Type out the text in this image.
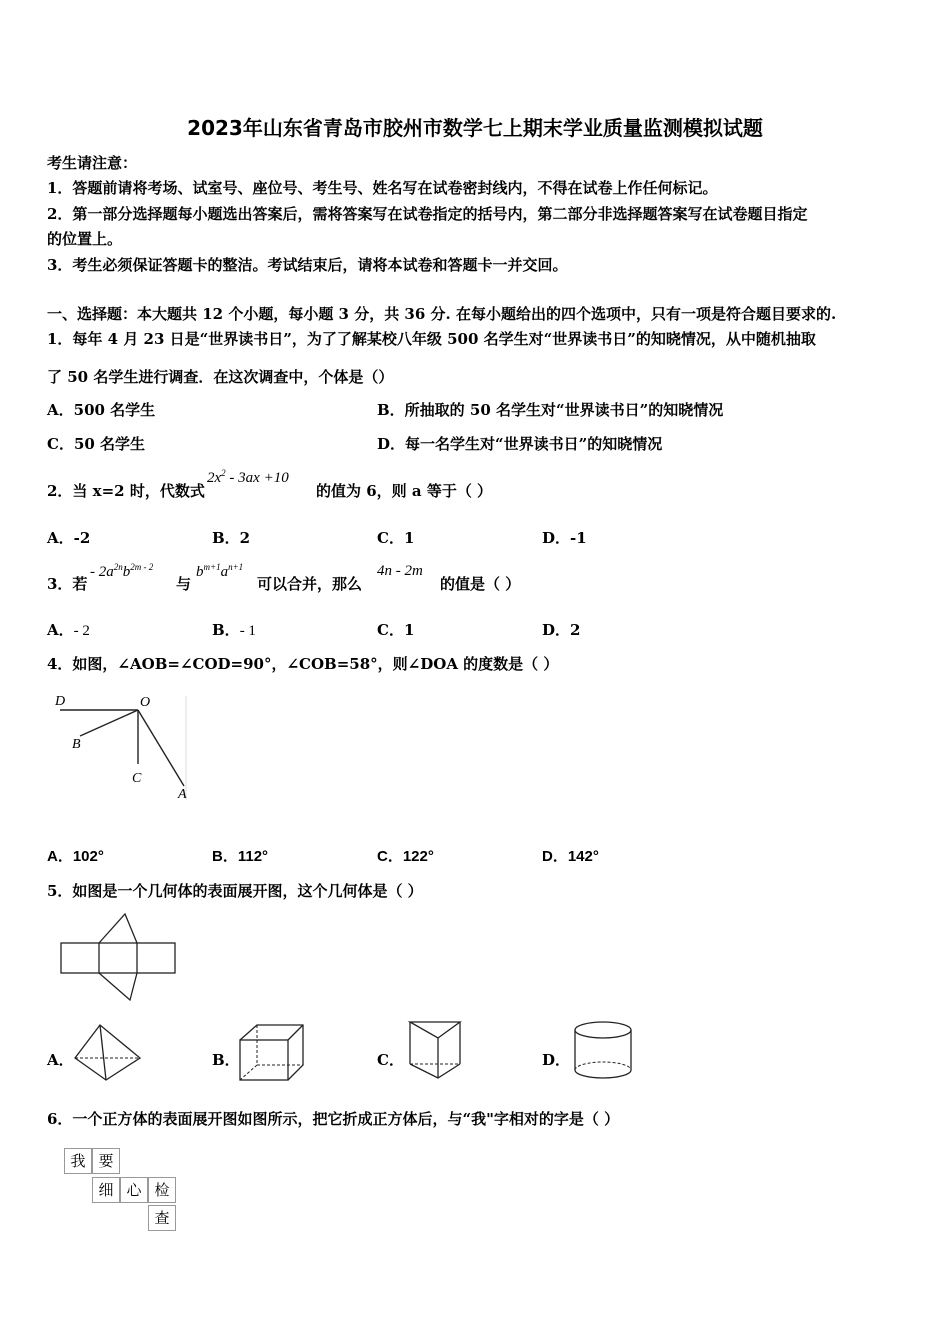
2023年山东省青岛市胶州市数学七上期末学业质量监测模拟试题
考生请注意：
1．答题前请将考场、试室号、座位号、考生号、姓名写在试卷密封线内，不得在试卷上作任何标记。
2．第一部分选择题每小题选出答案后，需将答案写在试卷指定的括号内，第二部分非选择题答案写在试卷题目指定
的位置上。
3．考生必须保证答题卡的整洁。考试结束后，请将本试卷和答题卡一并交回。
一、选择题：本大题共 12 个小题，每小题 3 分，共 36 分. 在每小题给出的四个选项中，只有一项是符合题目要求的.
1．每年 4 月 23 日是“世界读书日”，为了了解某校八年级 500 名学生对“世界读书日”的知晓情况，从中随机抽取
了 50 名学生进行调查．在这次调查中，个体是（）
A．500 名学生	B．所抽取的 50 名学生对“世界读书日”的知晓情况
C．50 名学生	D．每一名学生对“世界读书日”的知晓情况
2．当 x=2 时，代数式
$2x^2 - 3ax +10$
的值为 6，则 a 等于（ ）
A．-2	B．2	C．1	D．-1
3．若
- $2a^{2n}b^{2m - 2}$
与
$b^{m+1}a^{n+1}$
可以合并，那么
4n - 2m
的值是（ ）
A．- 2	B．- 1	C．1	D．2
4．如图，∠AOB=∠COD=90°，∠COB=58°，则∠DOA 的度数是（ ）
D	O
B
C
A
A．102°	B．112°	C．122°	D．142°
5．如图是一个几何体的表面展开图，这个几何体是（ ）
A．	B．	C．	D．
6．一个正方体的表面展开图如图所示，把它折成正方体后，与“我"字相对的字是（ ）
我 要
细 心 检
查
